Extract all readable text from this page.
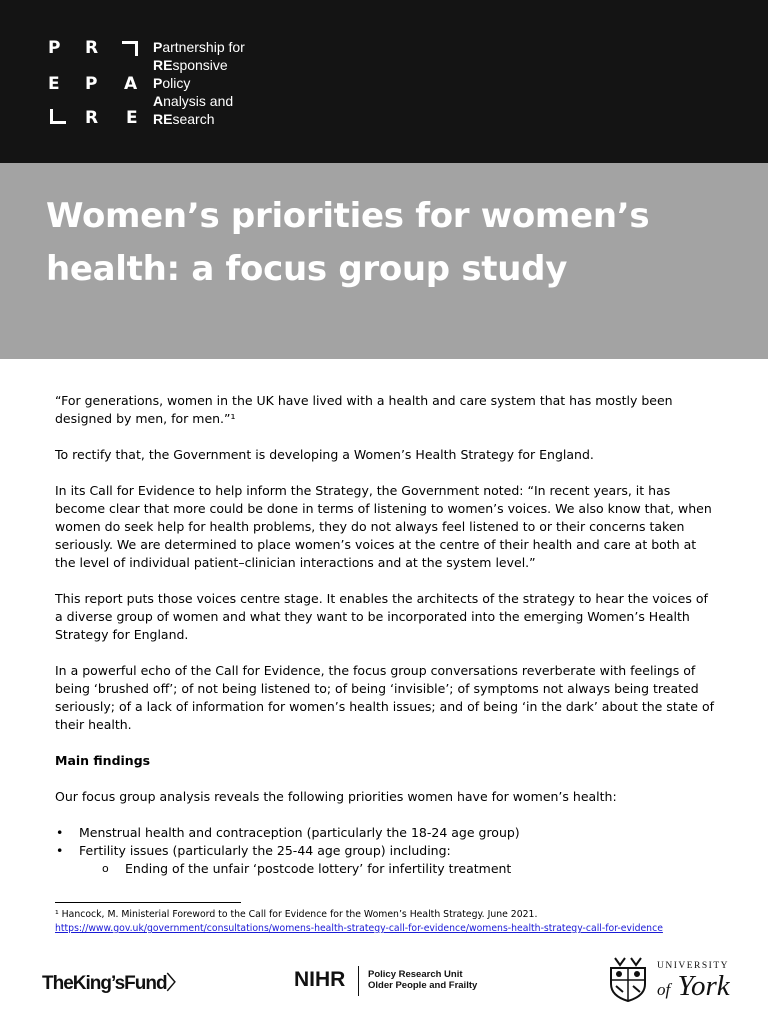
P R
E P A
R E
Partnership for
REsponsive
Policy
Analysis and
REsearch
Women’s priorities for women’s
health: a focus group study

“For generations, women in the UK have lived with a health and care system that has mostly been designed by men, for men.”¹

To rectify that, the Government is developing a Women’s Health Strategy for England.

In its Call for Evidence to help inform the Strategy, the Government noted: “In recent years, it has become clear that more could be done in terms of listening to women’s voices. We also know that, when women do seek help for health problems, they do not always feel listened to or their concerns taken seriously. We are determined to place women’s voices at the centre of their health and care at both at the level of individual patient–clinician interactions and at the system level.”

This report puts those voices centre stage. It enables the architects of the strategy to hear the voices of a diverse group of women and what they want to be incorporated into the emerging Women’s Health Strategy for England.

In a powerful echo of the Call for Evidence, the focus group conversations reverberate with feelings of being ‘brushed off’; of not being listened to; of being ‘invisible’; of symptoms not always being treated seriously; of a lack of information for women’s health issues; and of being ‘in the dark’ about the state of their health.

Main findings

Our focus group analysis reveals the following priorities women have for women’s health:

• Menstrual health and contraception (particularly the 18-24 age group)
• Fertility issues (particularly the 25-44 age group) including:
o Ending of the unfair ‘postcode lottery’ for infertility treatment
¹ Hancock, M. Ministerial Foreword to the Call for Evidence for the Women’s Health Strategy. June 2021.
https://www.gov.uk/government/consultations/womens-health-strategy-call-for-evidence/womens-health-strategy-call-for-evidence
TheKing’sFund〉	NIHR Policy Research Unit
Older People and Frailty
UNIVERSITY
of York
